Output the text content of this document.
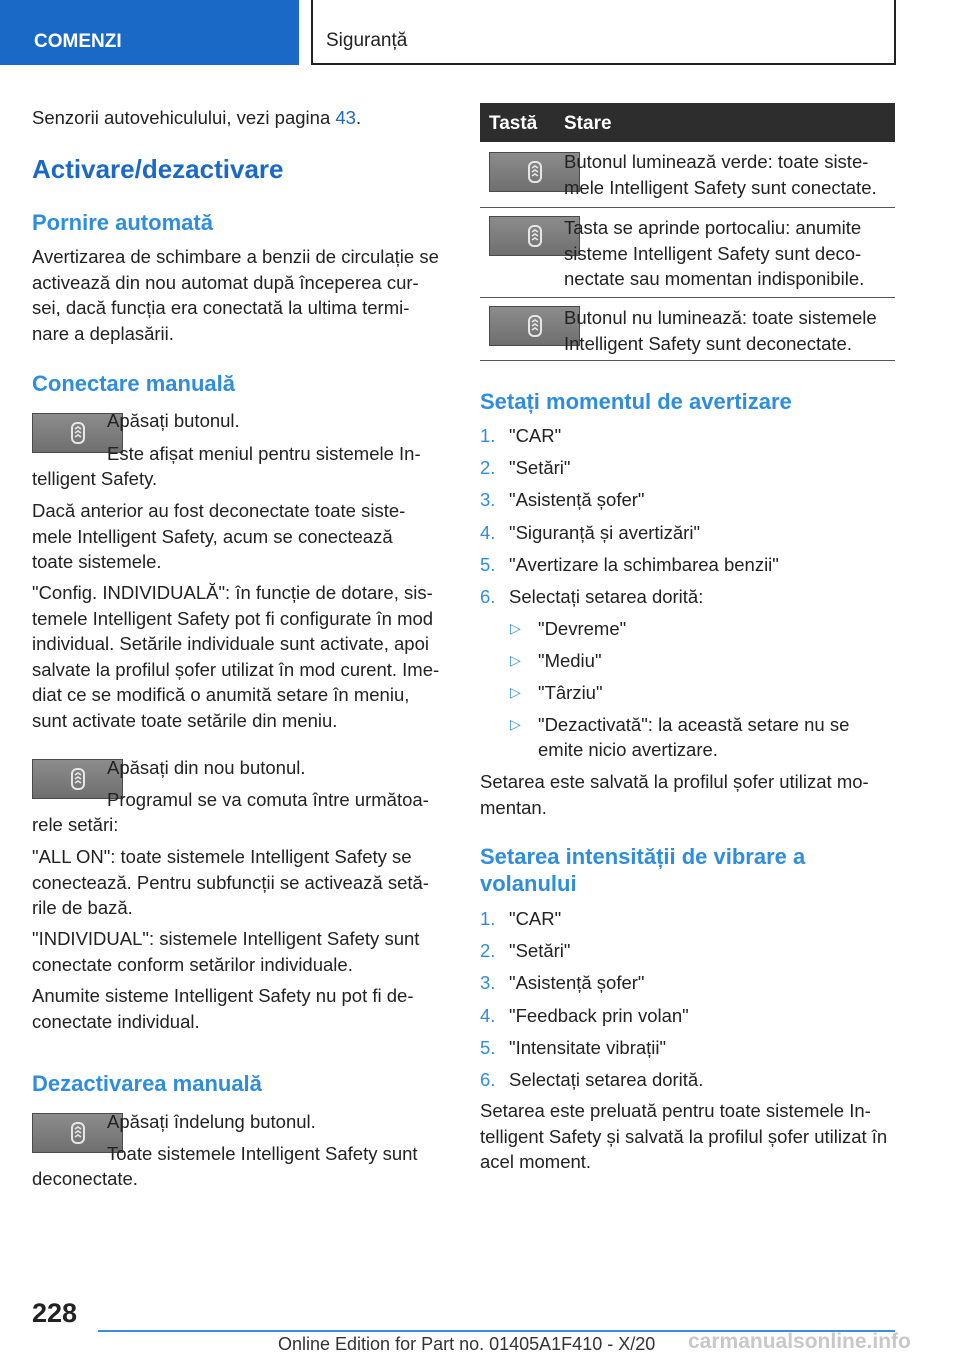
COMENZI	Siguranță
Senzorii autovehiculului, vezi pagina 43.
Activare/dezactivare
Pornire automată
Avertizarea de schimbare a benzii de circulație se
activează din nou automat după începerea cur‐
sei, dacă funcția era conectată la ultima termi‐
nare a deplasării.
Conectare manuală
Apăsați butonul.
Este afișat meniul pentru sistemele In‐
telligent Safety.
Dacă anterior au fost deconectate toate siste‐
mele Intelligent Safety, acum se conectează
toate sistemele.
"Config. INDIVIDUALĂ": în funcție de dotare, sis‐
temele Intelligent Safety pot fi configurate în mod
individual. Setările individuale sunt activate, apoi
salvate la profilul șofer utilizat în mod curent. Ime‐
diat ce se modifică o anumită setare în meniu,
sunt activate toate setările din meniu.
Apăsați din nou butonul.
Programul se va comuta între următoa‐
rele setări:
"ALL ON": toate sistemele Intelligent Safety se
conectează. Pentru subfuncții se activează setă‐
rile de bază.
"INDIVIDUAL": sistemele Intelligent Safety sunt
conectate conform setărilor individuale.
Anumite sisteme Intelligent Safety nu pot fi de‐
conectate individual.
Dezactivarea manuală
Apăsați îndelung butonul.
Toate sistemele Intelligent Safety sunt
deconectate.
Tastă Stare
Butonul luminează verde: toate siste‐
mele Intelligent Safety sunt conectate.
Tasta se aprinde portocaliu: anumite
sisteme Intelligent Safety sunt deco‐
nectate sau momentan indisponibile.
Butonul nu luminează: toate sistemele
Intelligent Safety sunt deconectate.
Setați momentul de avertizare
1. "CAR"
2. "Setări"
3. "Asistență șofer"
4. "Siguranță și avertizări"
5. "Avertizare la schimbarea benzii"
6. Selectați setarea dorită:
▷ "Devreme"
▷ "Mediu"
▷ "Târziu"
▷ "Dezactivată": la această setare nu se
emite nicio avertizare.
Setarea este salvată la profilul șofer utilizat mo‐
mentan.
Setarea intensității de vibrare a
volanului
1. "CAR"
2. "Setări"
3. "Asistență șofer"
4. "Feedback prin volan"
5. "Intensitate vibrații"
6. Selectați setarea dorită.
Setarea este preluată pentru toate sistemele In‐
telligent Safety și salvată la profilul șofer utilizat în
acel moment.
228
Online Edition for Part no. 01405A1F410 - X/20 carmanualsonline.info
